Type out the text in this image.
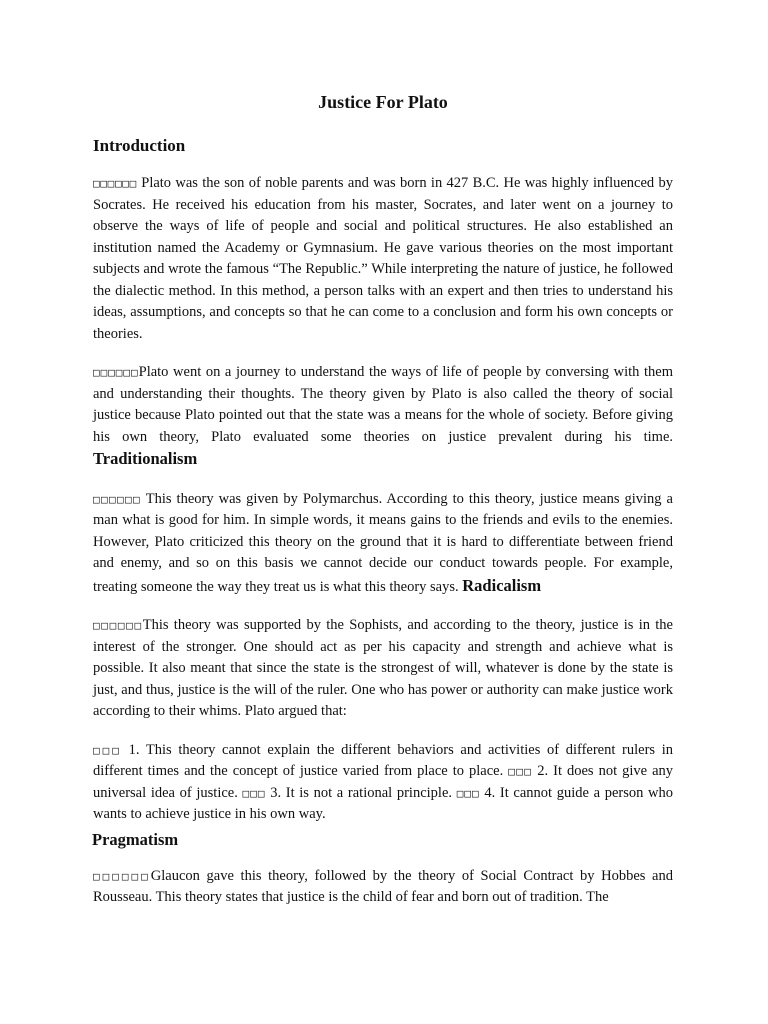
Justice For Plato
Introduction

□□□□□□ Plato was the son of noble parents and was born in 427 B.C. He was highly influenced by Socrates. He received his education from his master, Socrates, and later went on a journey to observe the ways of life of people and social and political structures. He also established an institution named the Academy or Gymnasium. He gave various theories on the most important subjects and wrote the famous “The Republic.” While interpreting the nature of justice, he followed the dialectic method. In this method, a person talks with an expert and then tries to understand his ideas, assumptions, and concepts so that he can come to a conclusion and form his own concepts or theories.

□□□□□□Plato went on a journey to understand the ways of life of people by conversing with them and understanding their thoughts. The theory given by Plato is also called the theory of social justice because Plato pointed out that the state was a means for the whole of society. Before giving his own theory, Plato evaluated some theories on justice prevalent during his time. Traditionalism

□□□□□□ This theory was given by Polymarchus. According to this theory, justice means giving a man what is good for him. In simple words, it means gains to the friends and evils to the enemies. However, Plato criticized this theory on the ground that it is hard to differentiate between friend and enemy, and so on this basis we cannot decide our conduct towards people. For example, treating someone the way they treat us is what this theory says. Radicalism

□□□□□□This theory was supported by the Sophists, and according to the theory, justice is in the interest of the stronger. One should act as per his capacity and strength and achieve what is possible. It also meant that since the state is the strongest of will, whatever is done by the state is just, and thus, justice is the will of the ruler. One who has power or authority can make justice work according to their whims. Plato argued that:

□□□ 1. This theory cannot explain the different behaviors and activities of different rulers in different times and the concept of justice varied from place to place. □□□ 2. It does not give any universal idea of justice. □□□ 3. It is not a rational principle. □□□ 4. It cannot guide a person who wants to achieve justice in his own way.

Pragmatism

□□□□□□Glaucon gave this theory, followed by the theory of Social Contract by Hobbes and Rousseau. This theory states that justice is the child of fear and born out of tradition. The
